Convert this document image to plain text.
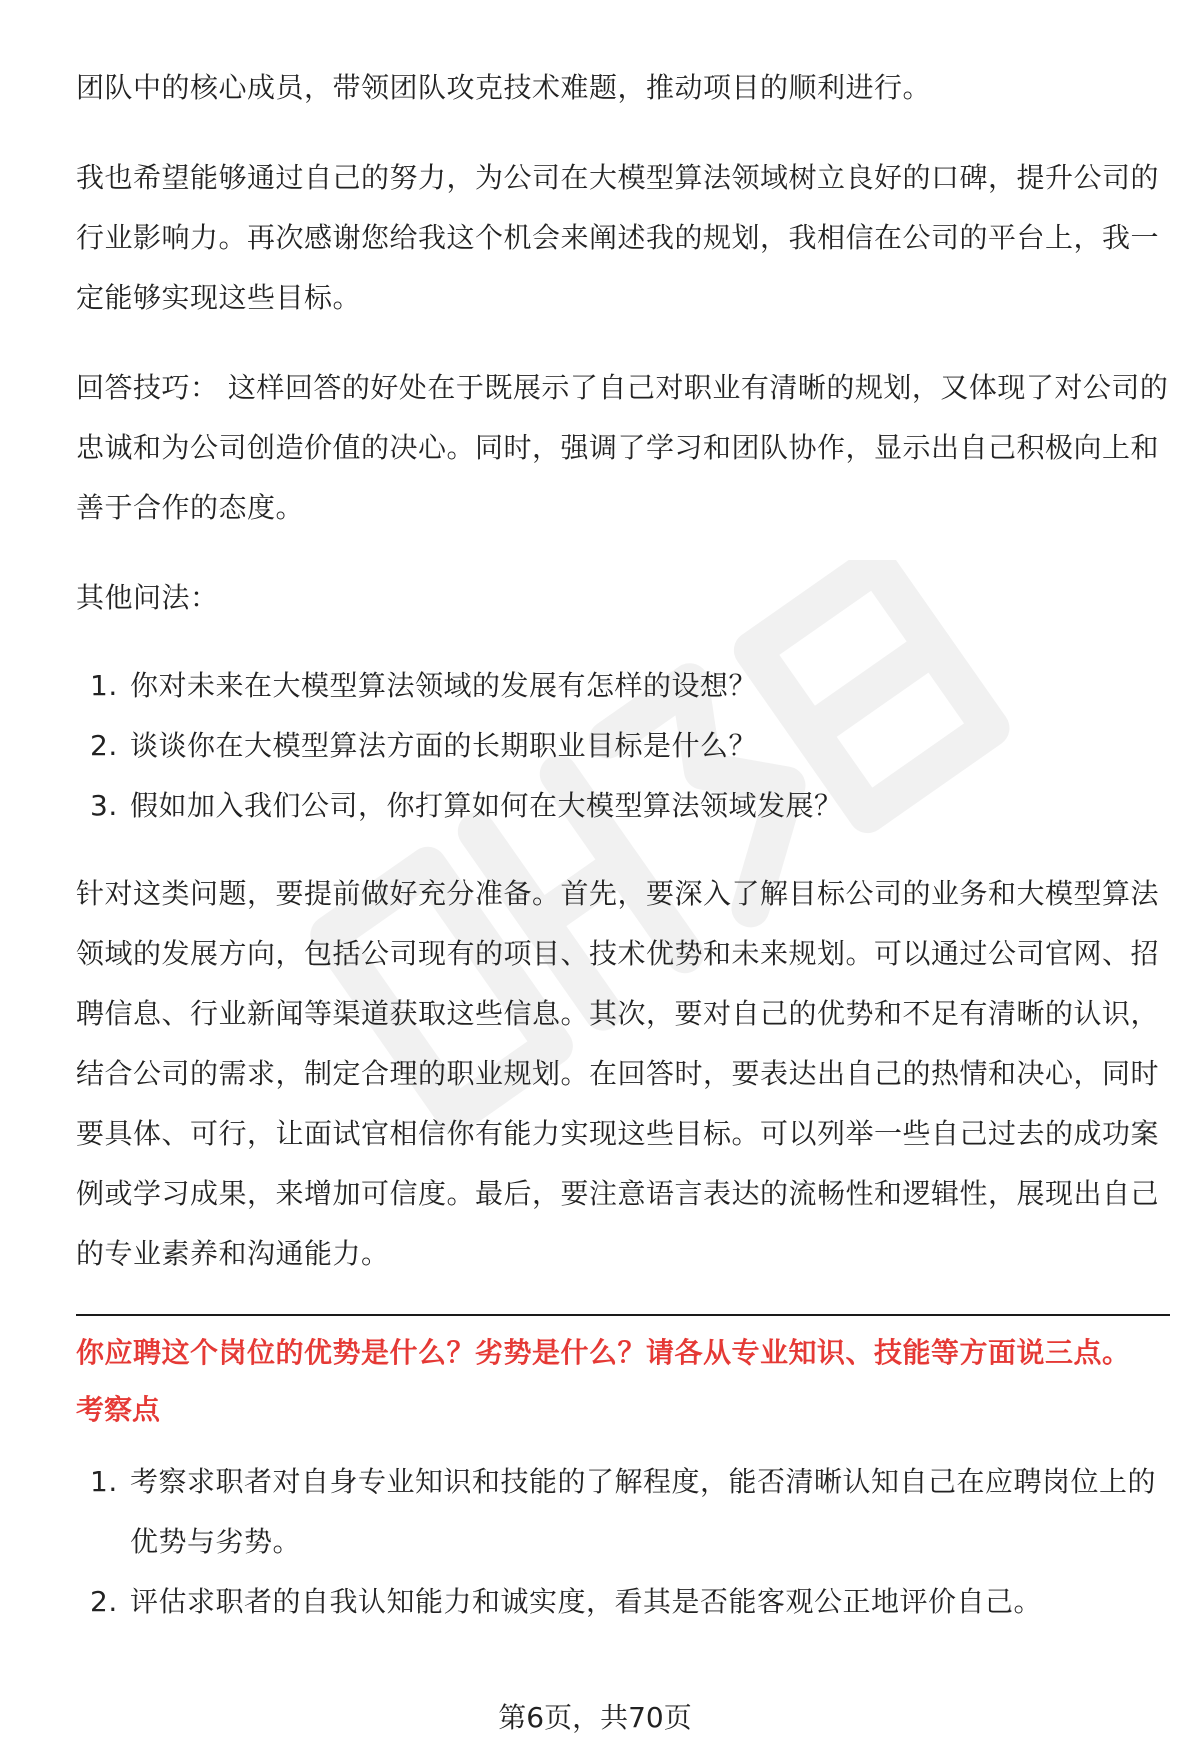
团队中的核心成员，带领团队攻克技术难题，推动项目的顺利进行。

我也希望能够通过自己的努力，为公司在大模型算法领域树立良好的口碑，提升公司的行业影响力。再次感谢您给我这个机会来阐述我的规划，我相信在公司的平台上，我一定能够实现这些目标。

回答技巧： 这样回答的好处在于既展示了自己对职业有清晰的规划，又体现了对公司的忠诚和为公司创造价值的决心。同时，强调了学习和团队协作，显示出自己积极向上和善于合作的态度。

其他问法：

1. 你对未来在大模型算法领域的发展有怎样的设想？
2. 谈谈你在大模型算法方面的长期职业目标是什么？
3. 假如加入我们公司，你打算如何在大模型算法领域发展？

针对这类问题，要提前做好充分准备。首先，要深入了解目标公司的业务和大模型算法领域的发展方向，包括公司现有的项目、技术优势和未来规划。可以通过公司官网、招聘信息、行业新闻等渠道获取这些信息。其次，要对自己的优势和不足有清晰的认识，结合公司的需求，制定合理的职业规划。在回答时，要表达出自己的热情和决心，同时要具体、可行，让面试官相信你有能力实现这些目标。可以列举一些自己过去的成功案例或学习成果，来增加可信度。最后，要注意语言表达的流畅性和逻辑性，展现出自己的专业素养和沟通能力。

你应聘这个岗位的优势是什么？劣势是什么？请各从专业知识、技能等方面说三点。

考察点

1. 考察求职者对自身专业知识和技能的了解程度，能否清晰认知自己在应聘岗位上的优势与劣势。
2. 评估求职者的自我认知能力和诚实度，看其是否能客观公正地评价自己。
第6页，共70页
